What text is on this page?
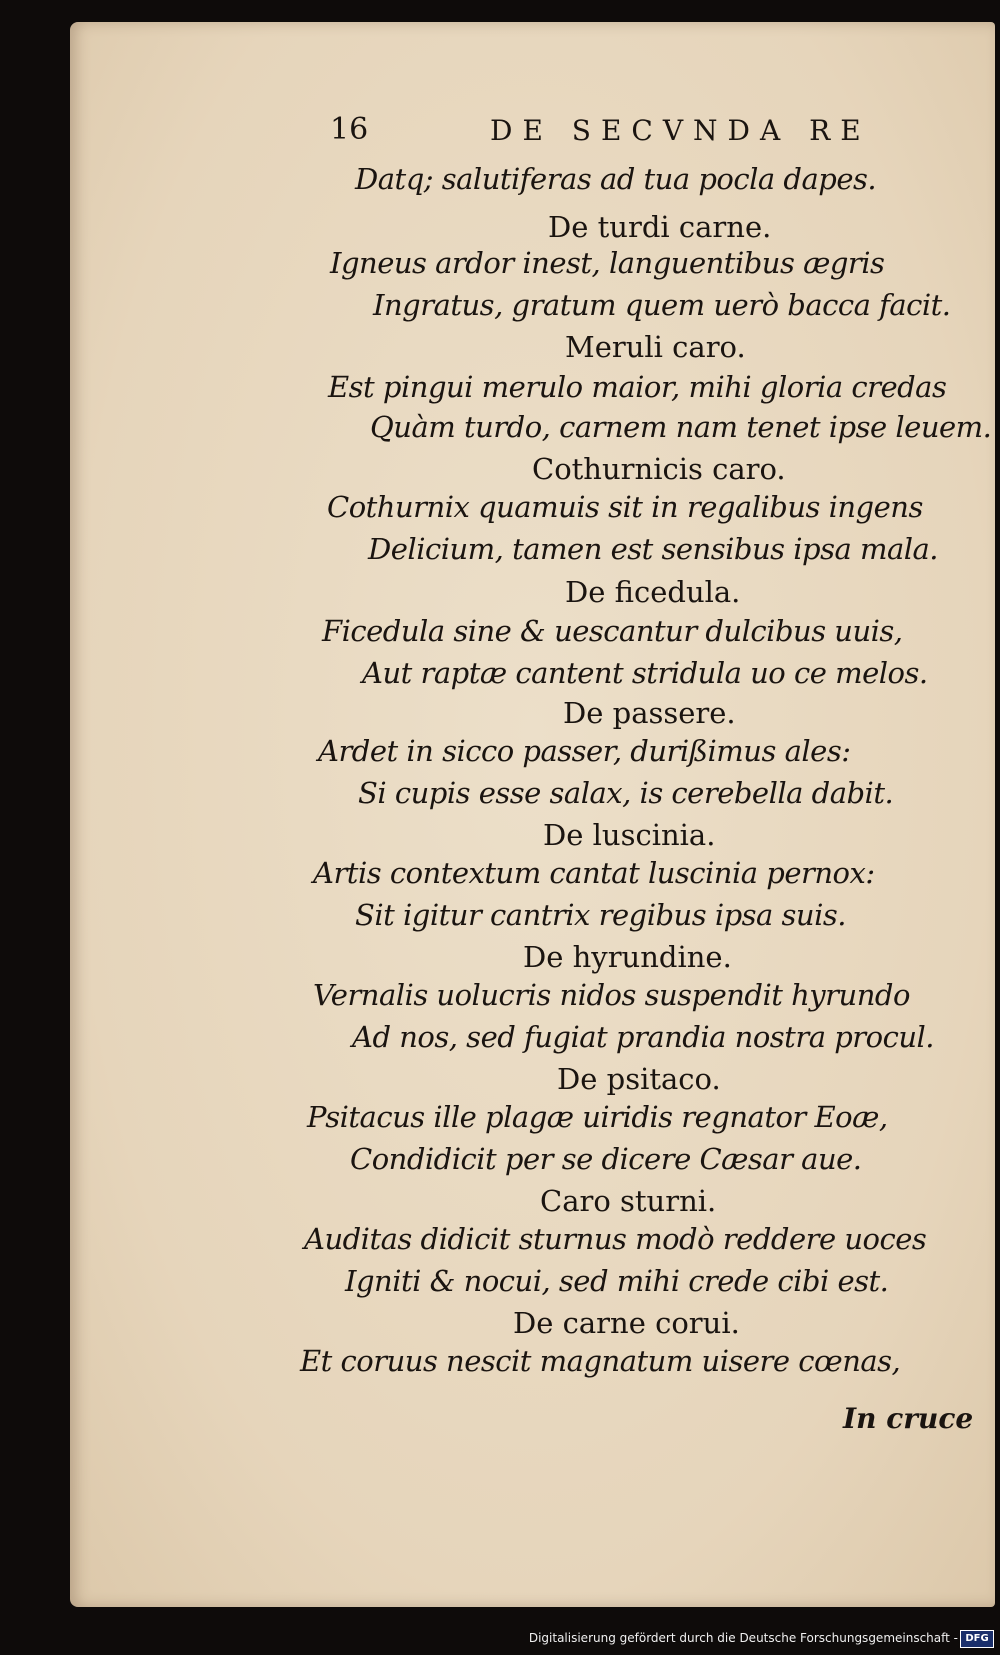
16	DE SECVNDA RE
Datq; salutiferas ad tua pocla dapes.
De turdi carne.
Igneus ardor inest, languentibus ægris
Ingratus, gratum quem uerò bacca facit.
Meruli caro.
Est pingui merulo maior, mihi gloria credas
Quàm turdo, carnem nam tenet ipse leuem.
Cothurnicis caro.
Cothurnix quamuis sit in regalibus ingens
Delicium, tamen est sensibus ipsa mala.
De ficedula.
Ficedula sine & uescantur dulcibus uuis,
Aut raptæ cantent stridula uo ce melos.
De passere.
Ardet in sicco passer, durißimus ales:
Si cupis esse salax, is cerebella dabit.
De luscinia.
Artis contextum cantat luscinia pernox:
Sit igitur cantrix regibus ipsa suis.
De hyrundine.
Vernalis uolucris nidos suspendit hyrundo
Ad nos, sed fugiat prandia nostra procul.
De psitaco.
Psitacus ille plagæ uiridis regnator Eoæ,
Condidicit per se dicere Cæsar aue.
Caro sturni.
Auditas didicit sturnus modò reddere uoces
Igniti & nocui, sed mihi crede cibi est.
De carne corui.
Et coruus nescit magnatum uisere cœnas,
In cruce
Digitalisierung gefördert durch die Deutsche Forschungsgemeinschaft - DFG
